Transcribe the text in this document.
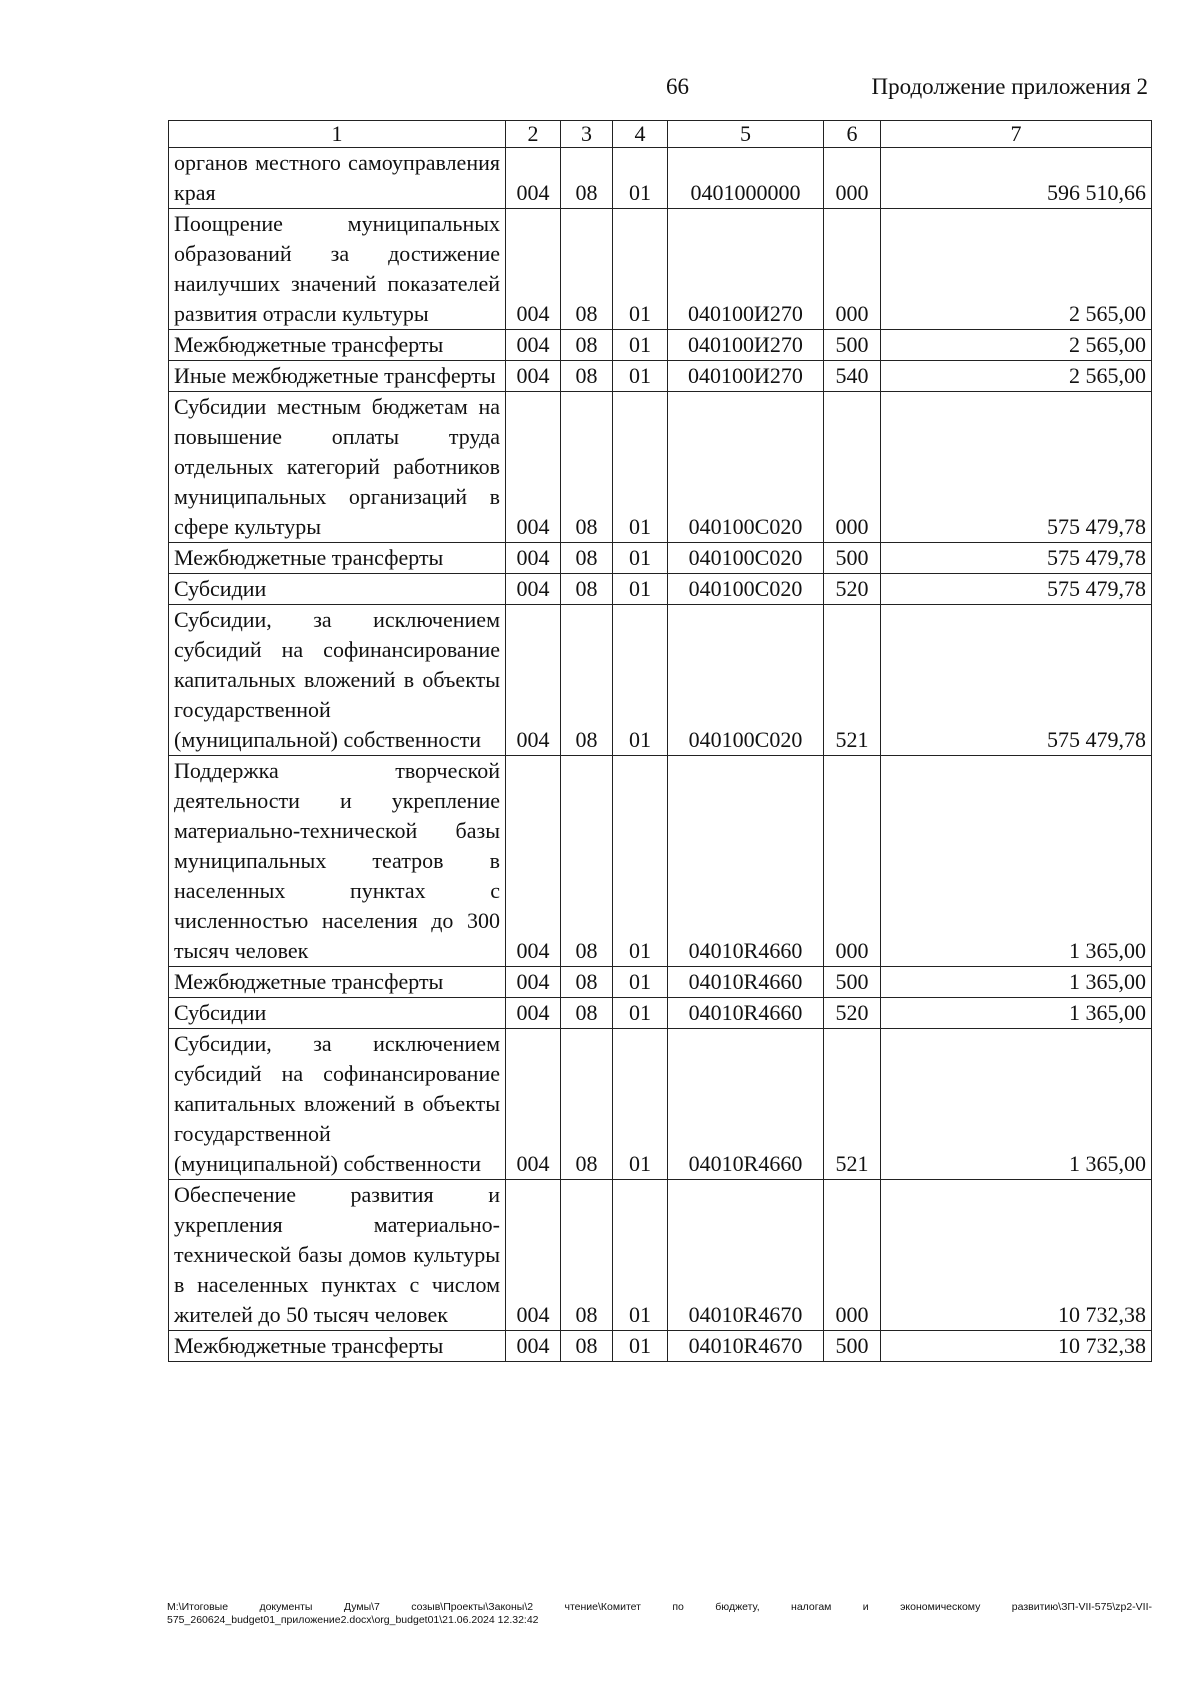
66	Продолжение приложения 2
1	2	3	4	5	6	7
органов местного самоуправления края	004	08	01	0401000000	000	596 510,66
Поощрение муниципальных образований за достижение наилучших значений показателей развития отрасли культуры	004	08	01	040100И270	000	2 565,00
Межбюджетные трансферты	004	08	01	040100И270	500	2 565,00
Иные межбюджетные трансферты	004	08	01	040100И270	540	2 565,00
Субсидии местным бюджетам на повышение оплаты труда отдельных категорий работников муниципальных организаций в сфере культуры	004	08	01	040100С020	000	575 479,78
Межбюджетные трансферты	004	08	01	040100С020	500	575 479,78
Субсидии	004	08	01	040100С020	520	575 479,78
Субсидии, за исключением субсидий на софинансирование капитальных вложений в объекты государственной (муниципальной) собственности	004	08	01	040100С020	521	575 479,78
Поддержка творческой деятельности и укрепление материально-технической базы муниципальных театров в населенных пунктах с численностью населения до 300 тысяч человек	004	08	01	04010R4660	000	1 365,00
Межбюджетные трансферты	004	08	01	04010R4660	500	1 365,00
Субсидии	004	08	01	04010R4660	520	1 365,00
Субсидии, за исключением субсидий на софинансирование капитальных вложений в объекты государственной (муниципальной) собственности	004	08	01	04010R4660	521	1 365,00
Обеспечение развития и укрепления материально-технической базы домов культуры в населенных пунктах с числом жителей до 50 тысяч человек	004	08	01	04010R4670	000	10 732,38
Межбюджетные трансферты	004	08	01	04010R4670	500	10 732,38
M:\Итоговые документы Думы\7 созыв\Проекты\Законы\2 чтение\Комитет по бюджету, налогам и экономическому развитию\ЗП-VII-575\zp2-VII-575_260624_budget01_приложение2.docx\org_budget01\21.06.2024 12.32:42
